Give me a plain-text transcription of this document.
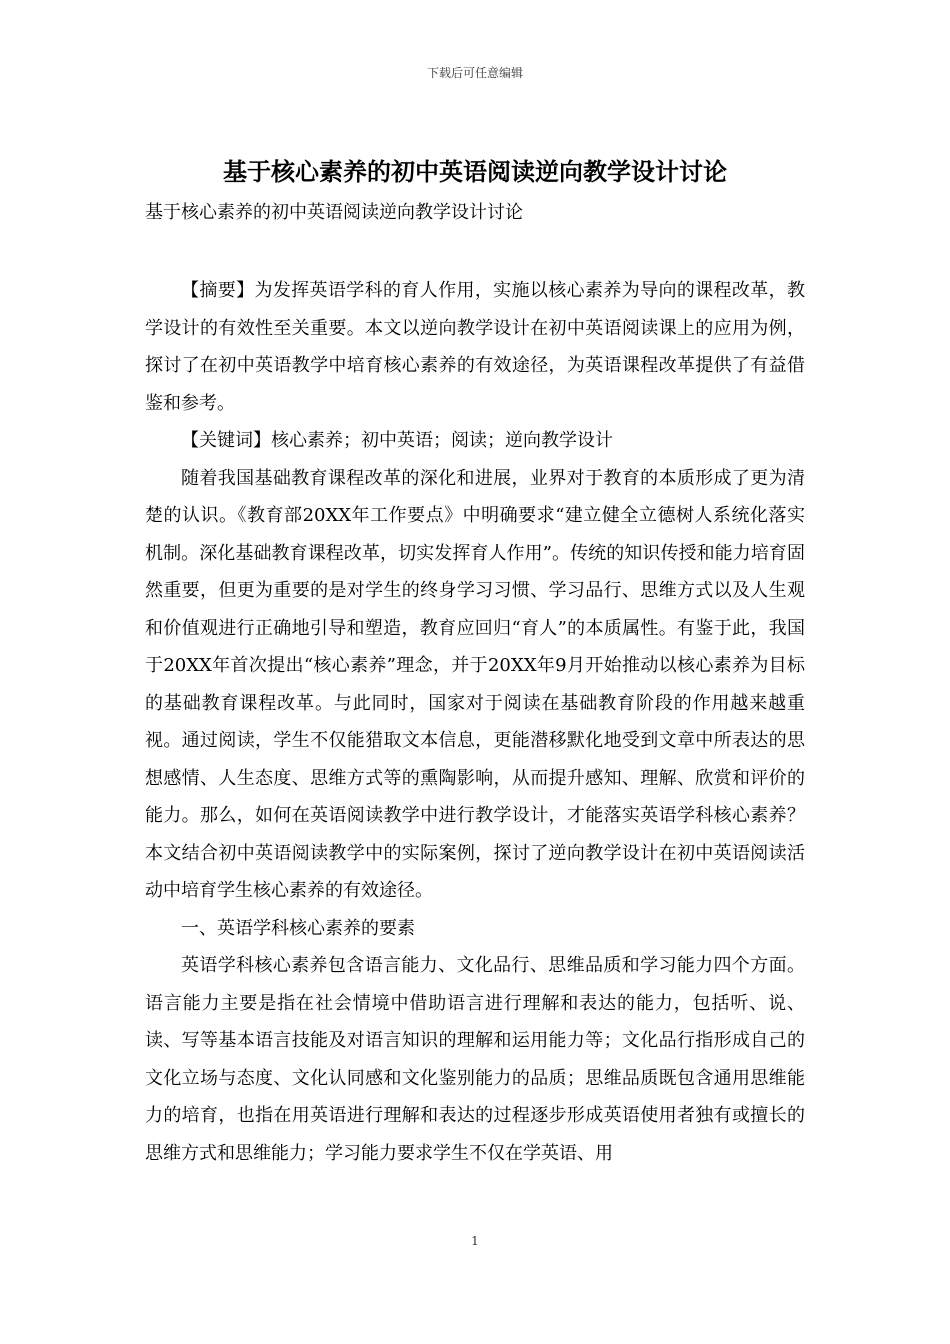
下载后可任意编辑
基于核心素养的初中英语阅读逆向教学设计讨论
基于核心素养的初中英语阅读逆向教学设计讨论

【摘要】为发挥英语学科的育人作用，实施以核心素养为导向的课程改革，教学设计的有效性至关重要。本文以逆向教学设计在初中英语阅读课上的应用为例，探讨了在初中英语教学中培育核心素养的有效途径，为英语课程改革提供了有益借鉴和参考。

【关键词】核心素养；初中英语；阅读；逆向教学设计

随着我国基础教育课程改革的深化和进展，业界对于教育的本质形成了更为清楚的认识。《教育部20XX年工作要点》中明确要求“建立健全立德树人系统化落实机制。深化基础教育课程改革，切实发挥育人作用”。传统的知识传授和能力培育固然重要，但更为重要的是对学生的终身学习习惯、学习品行、思维方式以及人生观和价值观进行正确地引导和塑造，教育应回归“育人”的本质属性。有鉴于此，我国于20XX年首次提出“核心素养”理念，并于20XX年9月开始推动以核心素养为目标的基础教育课程改革。与此同时，国家对于阅读在基础教育阶段的作用越来越重视。通过阅读，学生不仅能猎取文本信息，更能潜移默化地受到文章中所表达的思想感情、人生态度、思维方式等的熏陶影响，从而提升感知、理解、欣赏和评价的能力。那么，如何在英语阅读教学中进行教学设计，才能落实英语学科核心素养？本文结合初中英语阅读教学中的实际案例，探讨了逆向教学设计在初中英语阅读活动中培育学生核心素养的有效途径。

一、英语学科核心素养的要素

英语学科核心素养包含语言能力、文化品行、思维品质和学习能力四个方面。语言能力主要是指在社会情境中借助语言进行理解和表达的能力，包括听、说、读、写等基本语言技能及对语言知识的理解和运用能力等；文化品行指形成自己的文化立场与态度、文化认同感和文化鉴别能力的品质；思维品质既包含通用思维能力的培育，也指在用英语进行理解和表达的过程逐步形成英语使用者独有或擅长的思维方式和思维能力；学习能力要求学生不仅在学英语、用

1
